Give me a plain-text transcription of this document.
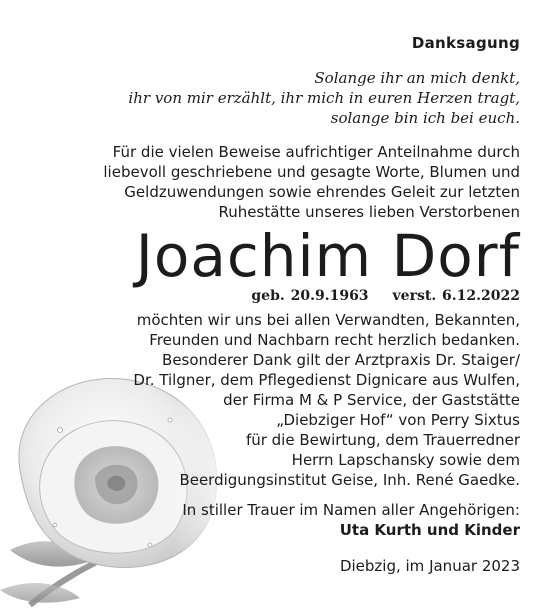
Danksagung
Solange ihr an mich denkt,
ihr von mir erzählt, ihr mich in euren Herzen tragt,
solange bin ich bei euch.
Für die vielen Beweise aufrichtiger Anteilnahme durch
liebevoll geschriebene und gesagte Worte, Blumen und
Geldzuwendungen sowie ehrendes Geleit zur letzten
Ruhestätte unseres lieben Verstorbenen
Joachim Dorf
geb. 20.9.1963 verst. 6.12.2022
möchten wir uns bei allen Verwandten, Bekannten,
Freunden und Nachbarn recht herzlich bedanken.
Besonderer Dank gilt der Arztpraxis Dr. Staiger/
Dr. Tilgner, dem Pflegedienst Dignicare aus Wulfen,
der Firma M & P Service, der Gaststätte
„Diebziger Hof“ von Perry Sixtus
für die Bewirtung, dem Trauerredner
Herrn Lapschansky sowie dem
Beerdigungsinstitut Geise, Inh. René Gaedke.
In stiller Trauer im Namen aller Angehörigen:
Uta Kurth und Kinder
Diebzig, im Januar 2023
